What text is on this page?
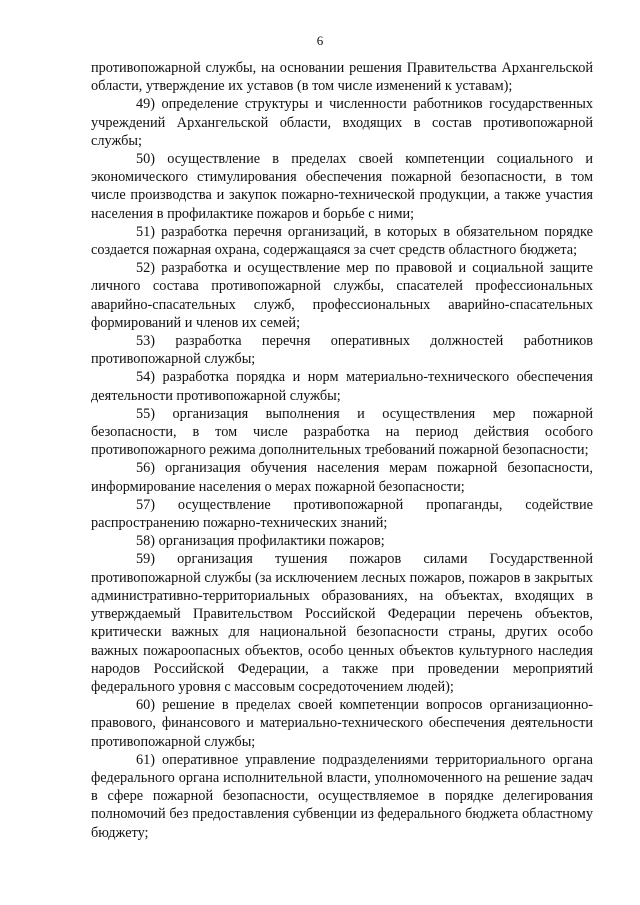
6

противопожарной службы, на основании решения Правительства Архангельской области, утверждение их уставов (в том числе изменений к уставам);

49) определение структуры и численности работников государственных учреждений Архангельской области, входящих в состав противопожарной службы;

50) осуществление в пределах своей компетенции социального и экономического стимулирования обеспечения пожарной безопасности, в том числе производства и закупок пожарно-технической продукции, а также участия населения в профилактике пожаров и борьбе с ними;

51) разработка перечня организаций, в которых в обязательном порядке создается пожарная охрана, содержащаяся за счет средств областного бюджета;

52) разработка и осуществление мер по правовой и социальной защите личного состава противопожарной службы, спасателей профессиональных аварийно-спасательных служб, профессиональных аварийно-спасательных формирований и членов их семей;

53) разработка перечня оперативных должностей работников противопожарной службы;

54) разработка порядка и норм материально-технического обеспечения деятельности противопожарной службы;

55) организация выполнения и осуществления мер пожарной безопасности, в том числе разработка на период действия особого противопожарного режима дополнительных требований пожарной безопасности;

56) организация обучения населения мерам пожарной безопасности, информирование населения о мерах пожарной безопасности;

57) осуществление противопожарной пропаганды, содействие распространению пожарно-технических знаний;

58) организация профилактики пожаров;

59) организация тушения пожаров силами Государственной противопожарной службы (за исключением лесных пожаров, пожаров в закрытых административно-территориальных образованиях, на объектах, входящих в утверждаемый Правительством Российской Федерации перечень объектов, критически важных для национальной безопасности страны, других особо важных пожароопасных объектов, особо ценных объектов культурного наследия народов Российской Федерации, а также при проведении мероприятий федерального уровня с массовым сосредоточением людей);

60) решение в пределах своей компетенции вопросов организационно-правового, финансового и материально-технического обеспечения деятельности противопожарной службы;

61) оперативное управление подразделениями территориального органа федерального органа исполнительной власти, уполномоченного на решение задач в сфере пожарной безопасности, осуществляемое в порядке делегирования полномочий без предоставления субвенции из федерального бюджета областному бюджету;
